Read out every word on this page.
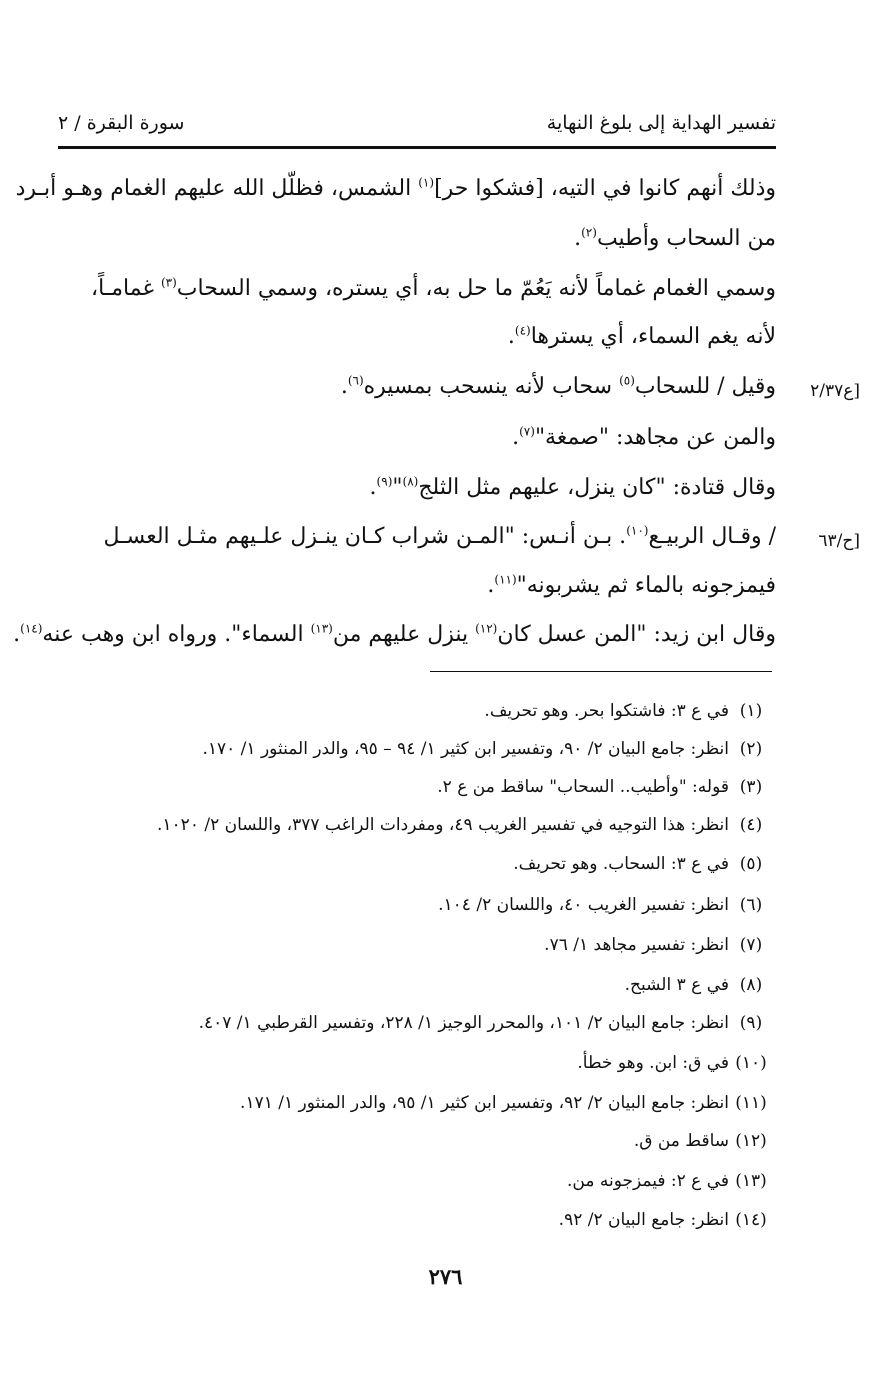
تفسير الهداية إلى بلوغ النهاية
سورة البقرة / ٢
وذلك أنهم كانوا في التيه، [فشكوا حر]$^{(١)}$ الشمس، فظلّل الله عليهم الغمام وهـو أبـرد
من السحاب وأطيب$^{(٢)}$.
وسمي الغمام غماماً لأنه يَعُمّ ما حل به، أي يستره، وسمي السحاب$^{(٣)}$ غمامـاً،
لأنه يغم السماء، أي يسترها$^{(٤)}$.
[ع٢/٣٧
وقيل / للسحاب$^{(٥)}$ سحاب لأنه ينسحب بمسيره$^{(٦)}$.
والمن عن مجاهد: "صمغة"$^{(٧)}$.
وقال قتادة: "كان ينزل، عليهم مثل الثلج$^{(٨)}$"$^{(٩)}$.
[ح/٦٣
/ وقـال الربيـع$^{(١٠)}$. بـن أنـس: "المـن شراب كـان ينـزل علـيهم مثـل العسـل
فيمزجونه بالماء ثم يشربونه"$^{(١١)}$.
وقال ابن زيد: "المن عسل كان$^{(١٢)}$ ينزل عليهم من$^{(١٣)}$ السماء". ورواه ابن وهب عنه$^{(١٤)}$.
(١)في ع ٣: فاشتكوا بحر. وهو تحريف.
(٢)انظر: جامع البيان ٢/ ٩٠، وتفسير ابن كثير ١/ ٩٤ – ٩٥، والدر المنثور ١/ ١٧٠.
(٣)قوله: "وأطيب.. السحاب" ساقط من ع ٢.
(٤)انظر: هذا التوجيه في تفسير الغريب ٤٩، ومفردات الراغب ٣٧٧، واللسان ٢/ ١٠٢٠.
(٥)في ع ٣: السحاب. وهو تحريف.
(٦)انظر: تفسير الغريب ٤٠، واللسان ٢/ ١٠٤.
(٧)انظر: تفسير مجاهد ١/ ٧٦.
(٨)في ع ٣ الشبح.
(٩)انظر: جامع البيان ٢/ ١٠١، والمحرر الوجيز ١/ ٢٢٨، وتفسير القرطبي ١/ ٤٠٧.
(١٠)في ق: ابن. وهو خطأ.
(١١)انظر: جامع البيان ٢/ ٩٢، وتفسير ابن كثير ١/ ٩٥، والدر المنثور ١/ ١٧١.
(١٢)ساقط من ق.
(١٣)في ع ٢: فيمزجونه من.
(١٤)انظر: جامع البيان ٢/ ٩٢.
٢٧٦
